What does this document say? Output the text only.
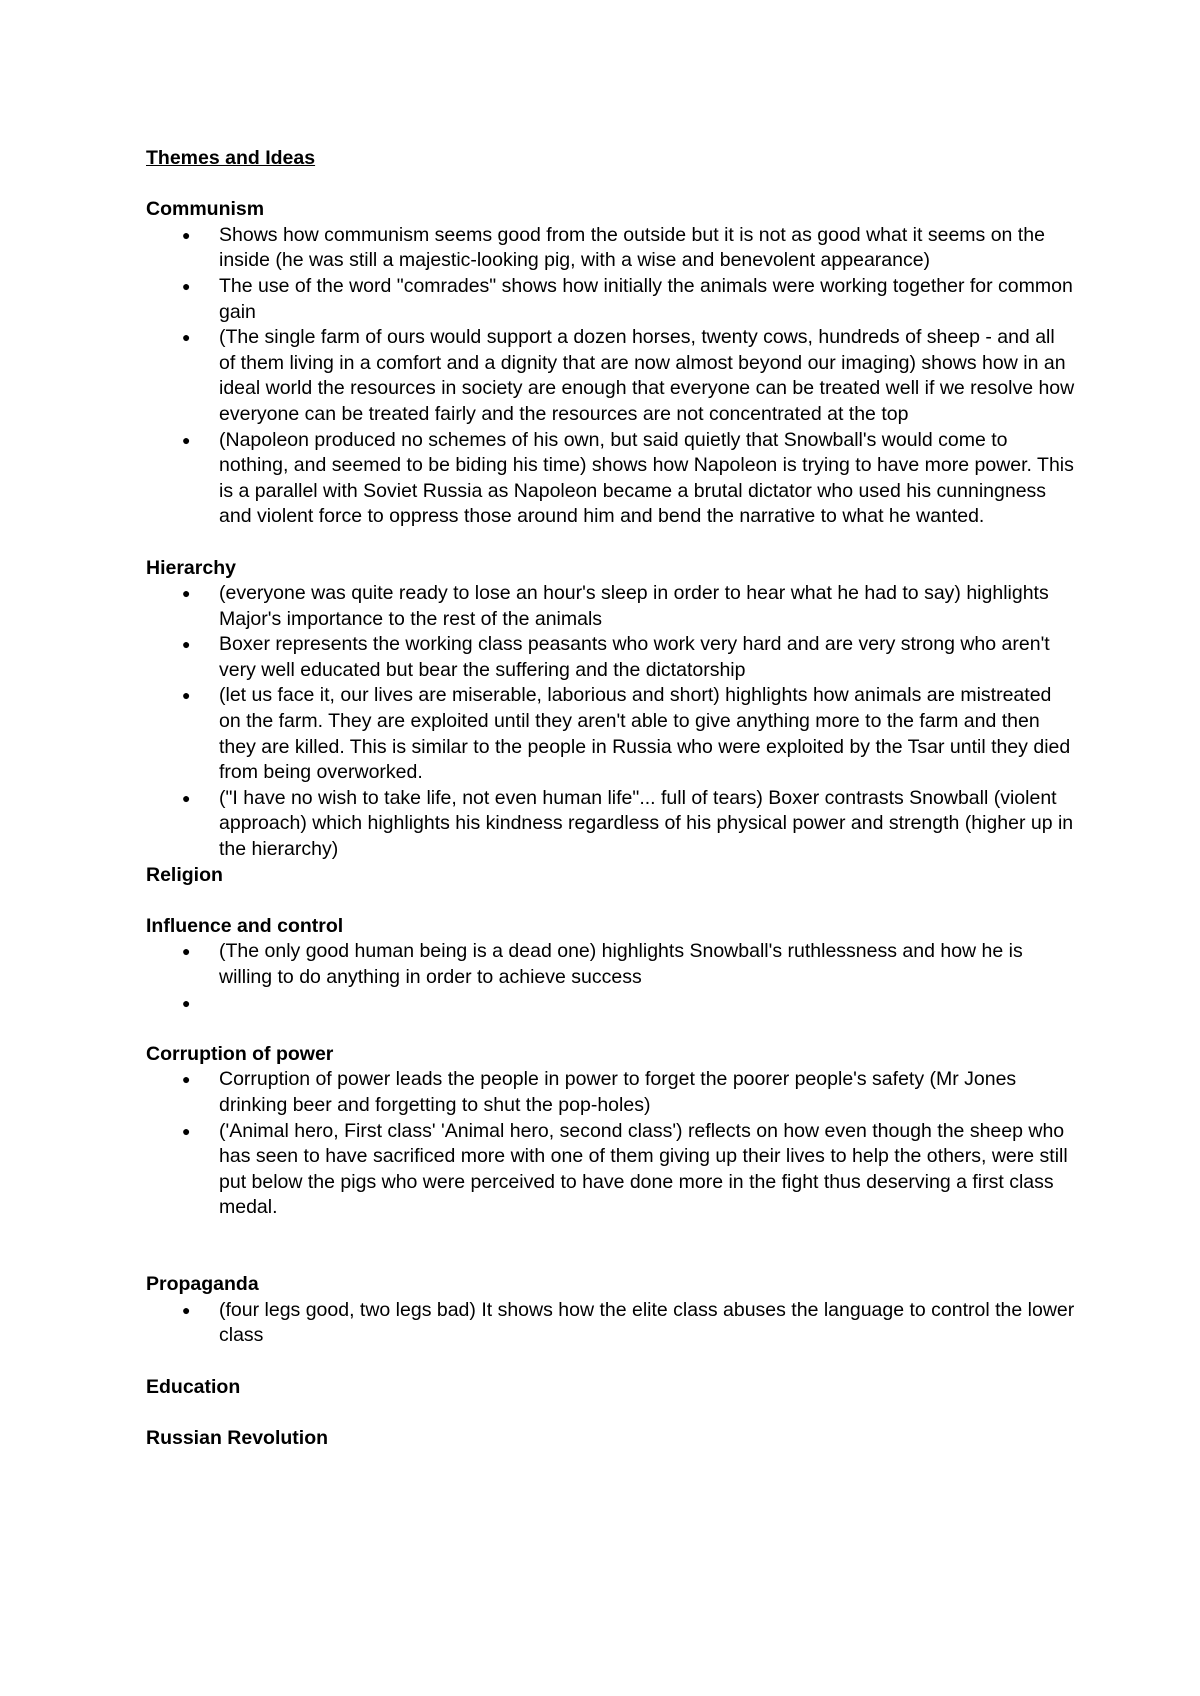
Themes and Ideas
Communism
● Shows how communism seems good from the outside but it is not as good what it seems on the inside (he was still a majestic-looking pig, with a wise and benevolent appearance)
● The use of the word "comrades" shows how initially the animals were working together for common gain
● (The single farm of ours would support a dozen horses, twenty cows, hundreds of sheep - and all of them living in a comfort and a dignity that are now almost beyond our imaging) shows how in an ideal world the resources in society are enough that everyone can be treated well if we resolve how everyone can be treated fairly and the resources are not concentrated at the top
● (Napoleon produced no schemes of his own, but said quietly that Snowball's would come to nothing, and seemed to be biding his time) shows how Napoleon is trying to have more power. This is a parallel with Soviet Russia as Napoleon became a brutal dictator who used his cunningness and violent force to oppress those around him and bend the narrative to what he wanted.
Hierarchy
● (everyone was quite ready to lose an hour's sleep in order to hear what he had to say) highlights Major's importance to the rest of the animals
● Boxer represents the working class peasants who work very hard and are very strong who aren't very well educated but bear the suffering and the dictatorship
● (let us face it, our lives are miserable, laborious and short) highlights how animals are mistreated on the farm. They are exploited until they aren't able to give anything more to the farm and then they are killed. This is similar to the people in Russia who were exploited by the Tsar until they died from being overworked.
● ("I have no wish to take life, not even human life"... full of tears) Boxer contrasts Snowball (violent approach) which highlights his kindness regardless of his physical power and strength (higher up in the hierarchy)
Religion
Influence and control
● (The only good human being is a dead one) highlights Snowball's ruthlessness and how he is willing to do anything in order to achieve success
●

Corruption of power
● Corruption of power leads the people in power to forget the poorer people's safety (Mr Jones drinking beer and forgetting to shut the pop-holes)
● ('Animal hero, First class' 'Animal hero, second class') reflects on how even though the sheep who has seen to have sacrificed more with one of them giving up their lives to help the others, were still put below the pigs who were perceived to have done more in the fight thus deserving a first class medal.
Propaganda
● (four legs good, two legs bad) It shows how the elite class abuses the language to control the lower class
Education
Russian Revolution
